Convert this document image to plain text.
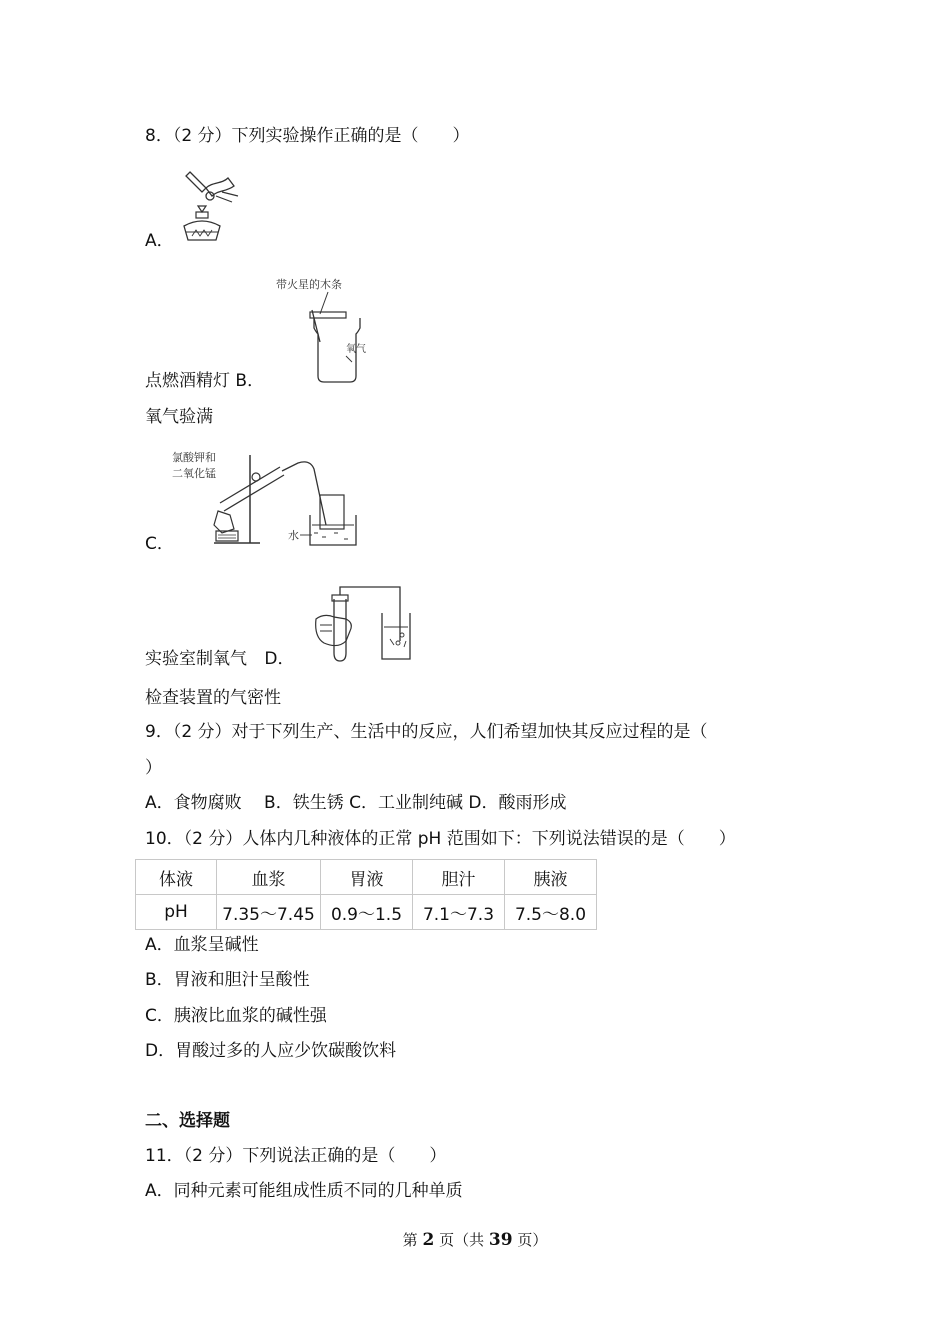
8．（2 分）下列实验操作正确的是（　　）
A．
带火星的木条
氧气
点燃酒精灯 B．
氧气验满
氯酸钾和
二氧化锰
水
C．
实验室制氧气 D．
检查装置的气密性
9．（2 分）对于下列生产、生活中的反应，人们希望加快其反应过程的是（
）
A．食物腐败　 B．铁生锈 C．工业制纯碱 D．酸雨形成
10．（2 分）人体内几种液体的正常 pH 范围如下：下列说法错误的是（　　）
体液	血浆	胃液	胆汁	胰液
pH	7.35～7.45	0.9～1.5	7.1～7.3	7.5～8.0
A．血浆呈碱性
B．胃液和胆汁呈酸性
C．胰液比血浆的碱性强
D．胃酸过多的人应少饮碳酸饮料
二、选择题
11．（2 分）下列说法正确的是（　　）
A．同种元素可能组成性质不同的几种单质
第 2 页（共 39 页）
